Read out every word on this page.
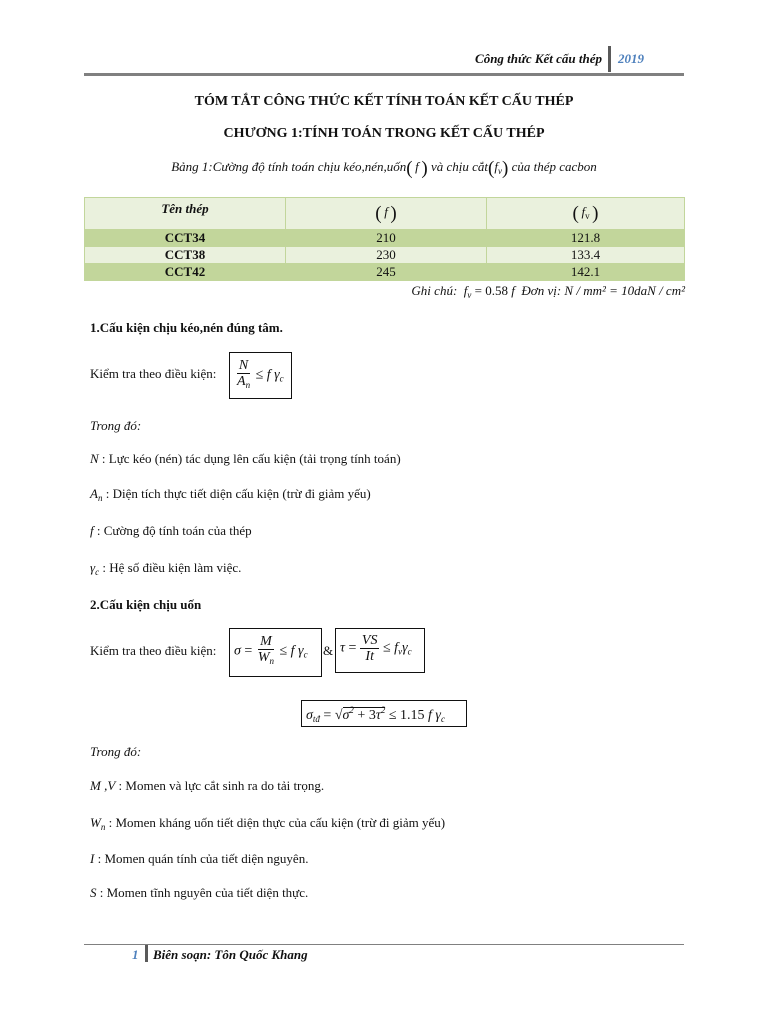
Công thức Kết cấu thép 2019
TÓM TẮT CÔNG THỨC KẾT TÍNH TOÁN KẾT CẤU THÉP
CHƯƠNG 1:TÍNH TOÁN TRONG KẾT CẤU THÉP
Bảng 1:Cường độ tính toán chịu kéo,nén,uốn(  f  ) và chịu $cắt(f_v)$ của thép cacbon
Tên thép	(  f  )	(  $f_v$  )
CCT34	210	121.8
CCT38	230	133.4
CCT42	245	142.1
Ghi chú: $f_v = 0.58$ f Đơn vị: N / mm² = 10daN / cm²
1.Cấu kiện chịu kéo,nén đúng tâm.
Kiểm tra theo điều kiện: $\frac{N}{A_n} \le f$ $\gamma_c$
Trong đó:
N : Lực kéo (nén) tác dụng lên cấu kiện (tải trọng tính toán)
$A_n$ : Diện tích thực tiết diện cấu kiện (trừ đi giảm yếu)
f : Cường độ tính toán của thép
$\gamma_c$ : Hệ số điều kiện làm việc.
2.Cấu kiện chịu uốn
Kiểm tra theo điều kiện: $\sigma = \frac{M}{W_n} \le f$ $\gamma_c$ & $\tau = \frac{VS}{It} \le f_v\gamma_c$
$\sigma_{tđ} = √\sigma^2 + 3\tau^2 \le 1.15$ f $\gamma_c$
Trong đó:
M ,V : Momen và lực cắt sinh ra do tải trọng.
$W_n$ : Momen kháng uốn tiết diện thực của cấu kiện (trừ đi giảm yếu)
I : Momen quán tính của tiết diện nguyên.
S : Momen tĩnh nguyên của tiết diện thực.
1 Biên soạn: Tôn Quốc Khang
